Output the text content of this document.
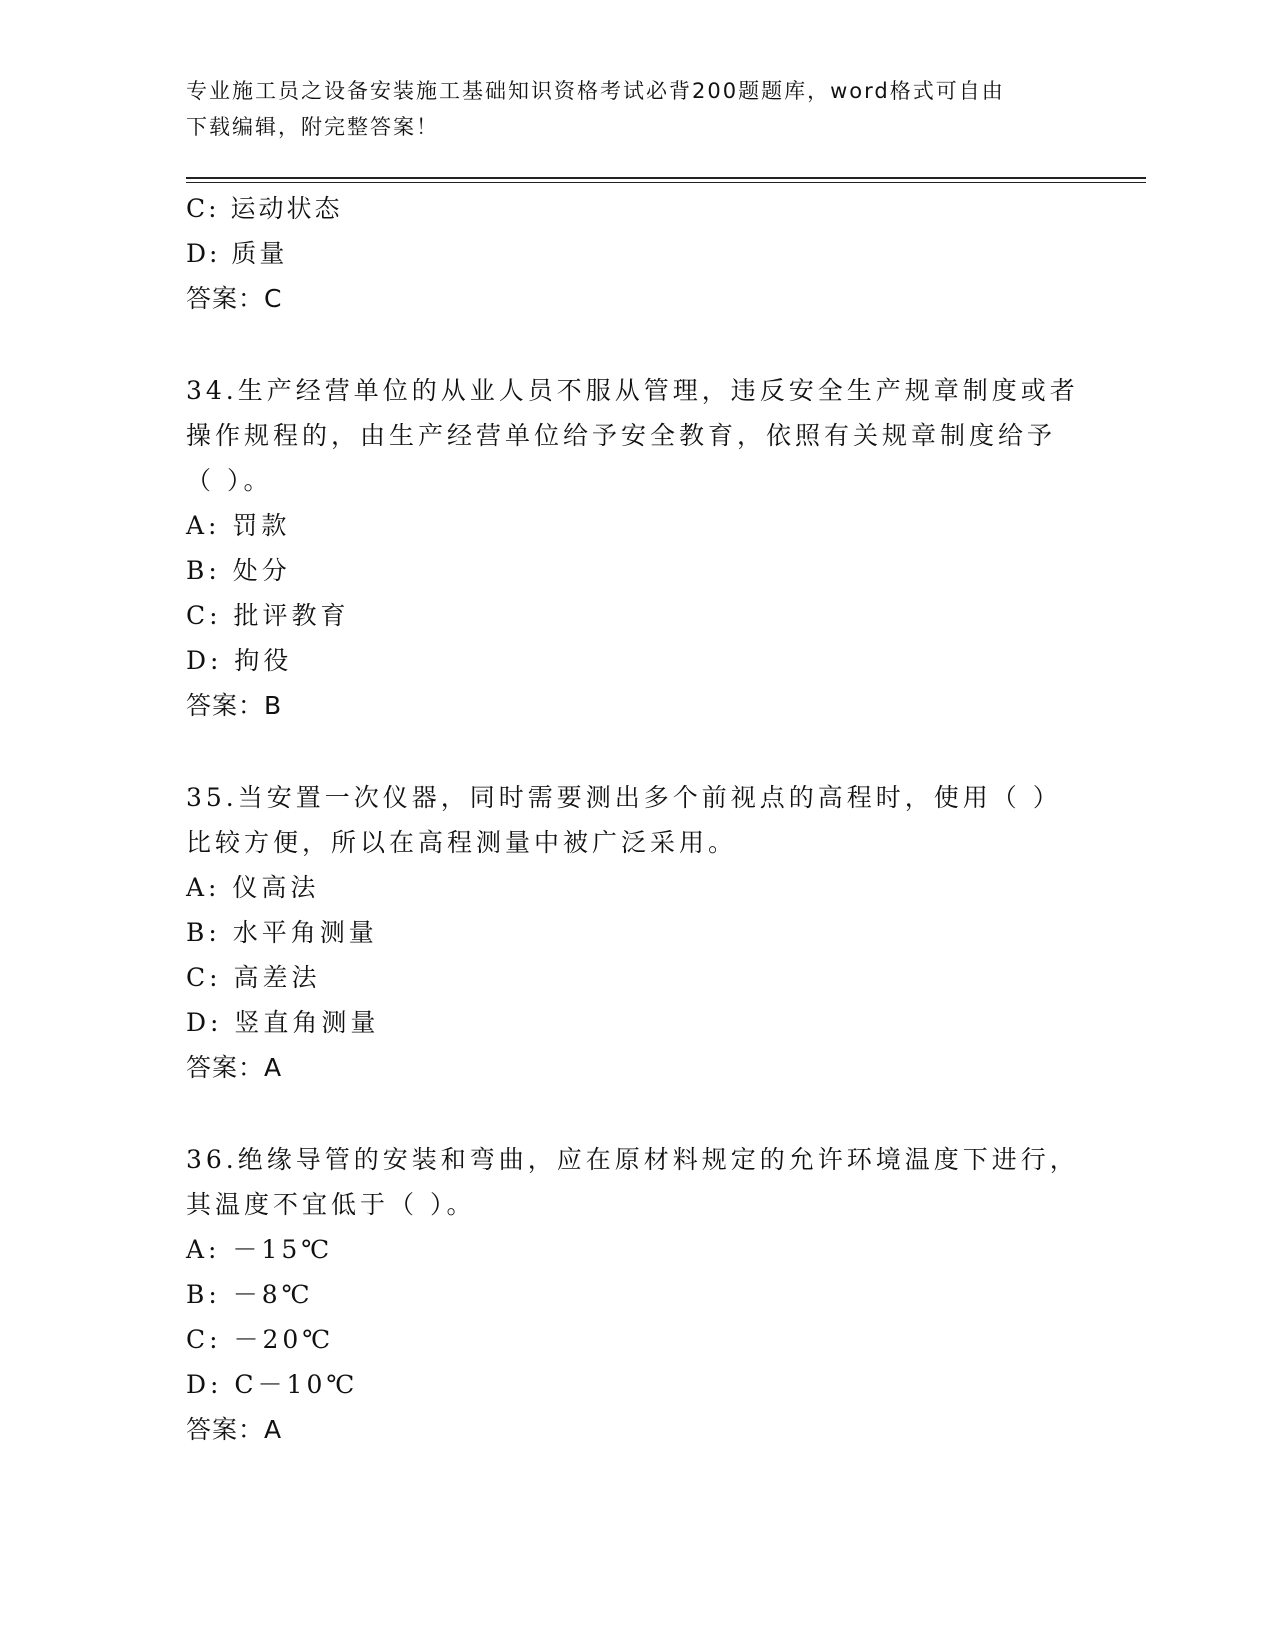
专业施工员之设备安装施工基础知识资格考试必背200题题库，word格式可自由
下载编辑，附完整答案！
C: 运动状态
D: 质量
答案：C
34.生产经营单位的从业人员不服从管理，违反安全生产规章制度或者
操作规程的，由生产经营单位给予安全教育，依照有关规章制度给予
（ ）。
A: 罚款
B: 处分
C: 批评教育
D: 拘役
答案：B
35.当安置一次仪器，同时需要测出多个前视点的高程时，使用（ ）
比较方便，所以在高程测量中被广泛采用。
A: 仪高法
B: 水平角测量
C: 高差法
D: 竖直角测量
答案：A
36.绝缘导管的安装和弯曲，应在原材料规定的允许环境温度下进行，
其温度不宜低于（ ）。
A: －15℃
B: －8℃
C: －20℃
D: C－10℃
答案：A
